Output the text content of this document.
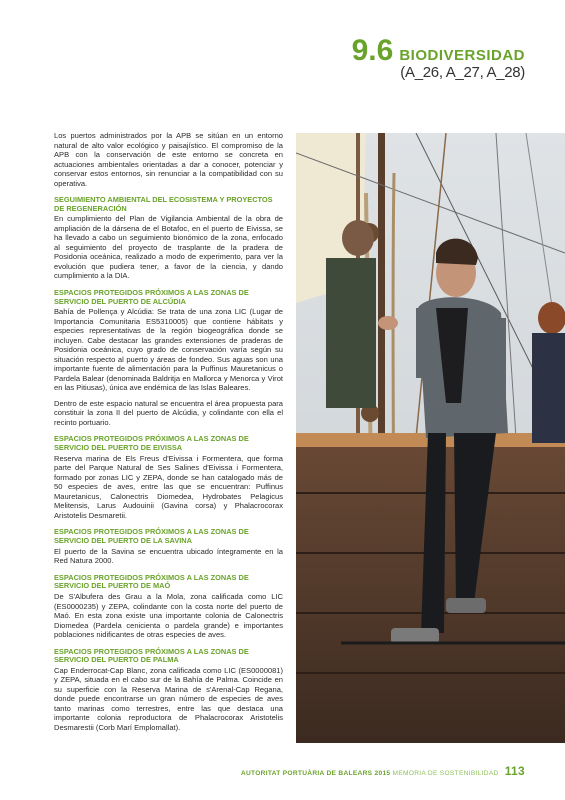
9.6 BIODIVERSIDAD
(A_26, A_27, A_28)

Los puertos administrados por la APB se sitúan en un entorno natural de alto valor ecológico y paisajístico. El compromiso de la APB con la conservación de este entorno se concreta en actuaciones ambientales orientadas a dar a conocer, potenciar y conservar estos entornos, sin renunciar a la compatibilidad con su operativa.

SEGUIMIENTO AMBIENTAL DEL ECOSISTEMA Y PROYECTOS DE REGENERACIÓN

En cumplimiento del Plan de Vigilancia Ambiental de la obra de ampliación de la dársena de el Botafoc, en el puerto de Eivissa, se ha llevado a cabo un seguimiento bionómico de la zona, enfocado al seguimiento del proyecto de trasplante de la pradera de Posidonia oceánica, realizado a modo de experimento, para ver la evolución que pudiera tener, a favor de la ciencia, y dando cumplimiento a la DIA.

ESPACIOS PROTEGIDOS PRÓXIMOS A LAS ZONAS DE SERVICIO DEL PUERTO DE ALCÚDIA

Bahía de Pollença y Alcúdia: Se trata de una zona LIC (Lugar de Importancia Comunitaria ES5310005) que contiene hábitats y especies representativas de la región biogeográfica donde se incluyen. Cabe destacar las grandes extensiones de praderas de Posidonia oceánica, cuyo grado de conservación varía según su situación respecto al puerto y áreas de fondeo. Sus aguas son una importante fuente de alimentación para la Puffinus Mauretanicus o Pardela Balear (denominada Baldritja en Mallorca y Menorca y Virot en las Pitiusas), única ave endémica de las Islas Baleares.

Dentro de este espacio natural se encuentra el área propuesta para constituir la zona II del puerto de Alcúdia, y colindante con ella el recinto portuario.

ESPACIOS PROTEGIDOS PRÓXIMOS A LAS ZONAS DE SERVICIO DEL PUERTO DE EIVISSA

Reserva marina de Els Freus d'Eivissa i Formentera, que forma parte del Parque Natural de Ses Salines d'Eivissa i Formentera, formado por zonas LIC y ZEPA, donde se han catalogado más de 50 especies de aves, entre las que se encuentran: Puffinus Mauretanicus, Calonectris Diomedea, Hydrobates Pelagicus Melitensis, Larus Audouinii (Gavina corsa) y Phalacrocorax Aristotelis Desmaretii.

ESPACIOS PROTEGIDOS PRÓXIMOS A LAS ZONAS DE SERVICIO DEL PUERTO DE LA SAVINA

El puerto de la Savina se encuentra ubicado íntegramente en la Red Natura 2000.

ESPACIOS PROTEGIDOS PRÓXIMOS A LAS ZONAS DE SERVICIO DEL PUERTO DE MAÓ

De S'Albufera des Grau a la Mola, zona calificada como LIC (ES0000235) y ZEPA, colindante con la costa norte del puerto de Maó. En esta zona existe una importante colonia de Calonectris Diomedea (Pardela cenicienta o pardela grande) e importantes poblaciones nidificantes de otras especies de aves.

ESPACIOS PROTEGIDOS PRÓXIMOS A LAS ZONAS DE SERVICIO DEL PUERTO DE PALMA

Cap Enderrocat-Cap Blanc, zona calificada como LIC (ES0000081) y ZEPA, situada en el cabo sur de la Bahía de Palma. Coincide en su superficie con la Reserva Marina de s'Arenal-Cap Regana, donde puede encontrarse un gran número de especies de aves tanto marinas como terrestres, entre las que destaca una importante colonia reproductora de Phalacrocorax Aristotelis Desmarestii (Corb Marí Emplomallat).

AUTORITAT PORTUÀRIA DE BALEARS 2015 MEMORIA DE SOSTENIBILIDAD 113
